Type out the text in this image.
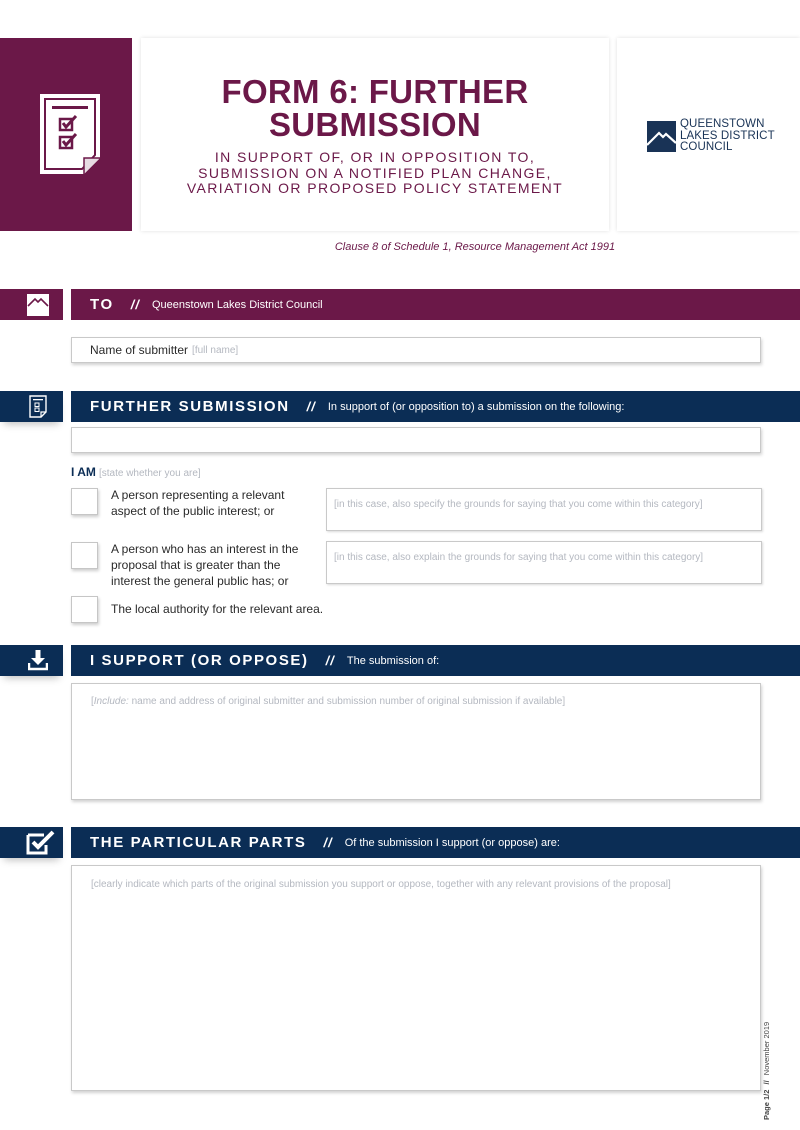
FORM 6: FURTHER
SUBMISSION
IN SUPPORT OF, OR IN OPPOSITION TO,
SUBMISSION ON A NOTIFIED PLAN CHANGE,
VARIATION OR PROPOSED POLICY STATEMENT
QUEENSTOWN
LAKES DISTRICT
COUNCIL
Clause 8 of Schedule 1, Resource Management Act 1991
TO // Queenstown Lakes District Council
Name of submitter [full name]
FURTHER SUBMISSION // In support of (or opposition to) a submission on the following:
I AM [state whether you are]
A person representing a relevant
aspect of the public interest; or	[in this case, also specify the grounds for saying that you come within this category]
A person who has an interest in the
proposal that is greater than the
interest the general public has; or
[in this case, also explain the grounds for saying that you come within this category]
The local authority for the relevant area.
I SUPPORT (OR OPPOSE) // The submission of:
[Include: name and address of original submitter and submission number of original submission if available]
THE PARTICULAR PARTS // Of the submission I support (or oppose) are:
[clearly indicate which parts of the original submission you support or oppose, together with any relevant provisions of the proposal]
Page 1/2 // November 2019
